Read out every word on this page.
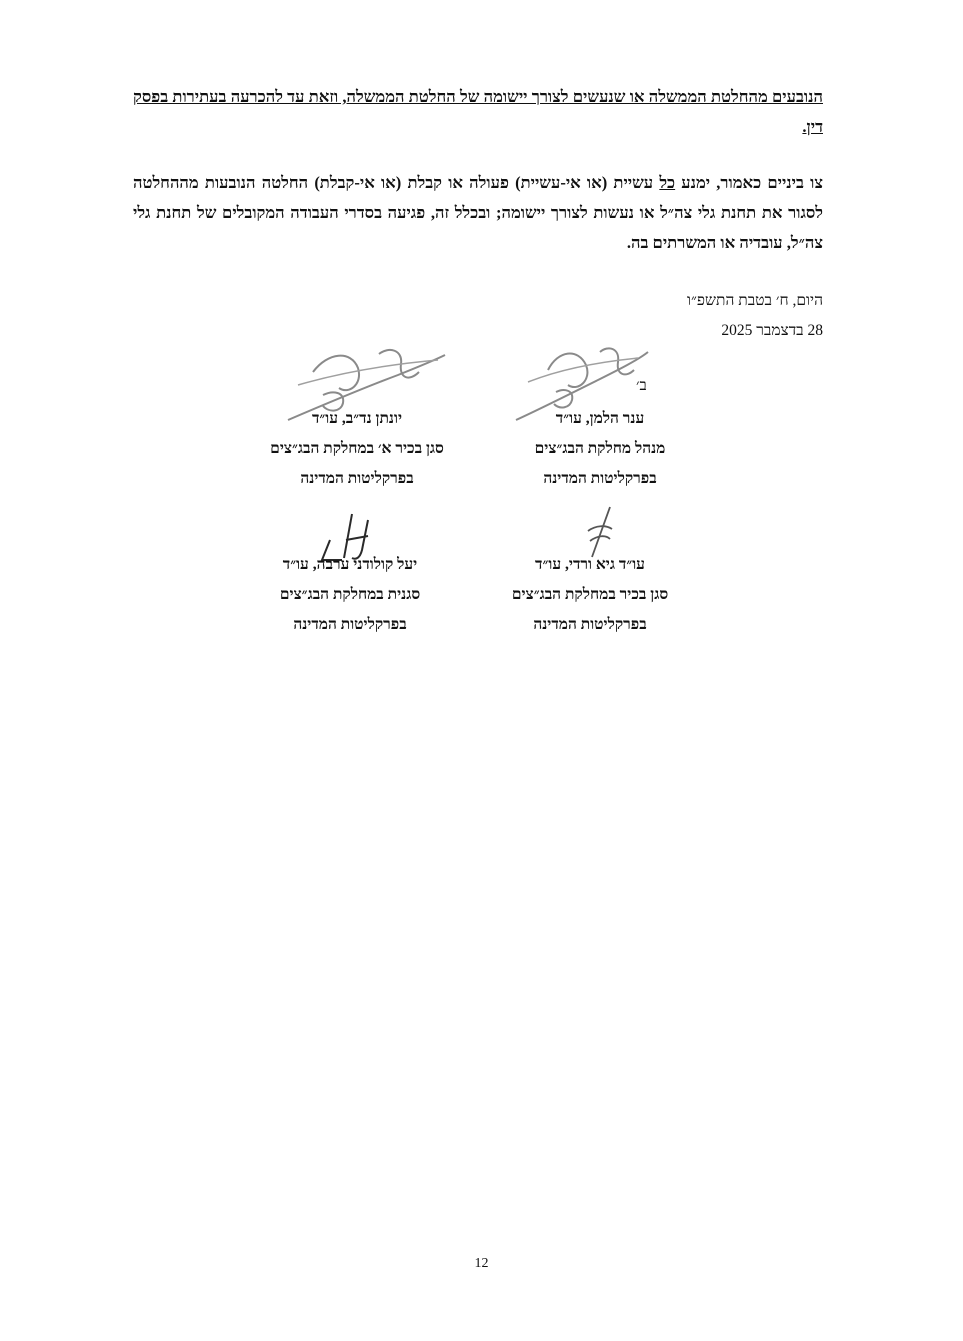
הנובעים מהחלטת הממשלה או שנעשים לצורך יישומה של החלטת הממשלה, וזאת עד להכרעה בעתירות בפסק דין.
צו ביניים כאמור, ימנע כל עשיית (או אי-עשיית) פעולה או קבלת (או אי-קבלת) החלטה הנובעות מההחלטה לסגור את תחנת גלי צה״ל או נעשות לצורך יישומה; ובכלל זה, פגיעה בסדרי העבודה המקובלים של תחנת גלי צה״ל, עובדיה או המשרתים בה.
היום, ח׳ בטבת התשפ״ו
28 בדצמבר 2025
ב׳
ענר הלמן, עו״ד
מנהל מחלקת הבג״צים
בפרקליטות המדינה
יונתן נד״ב, עו״ד
סגן בכיר א׳ במחלקת הבג״צים
בפרקליטות המדינה
עו״ד גיא ורדי, עו״ד
סגן בכיר במחלקת הבג״צים
בפרקליטות המדינה
יעל קולודני ערבה, עו״ד
סגנית במחלקת הבג״צים
בפרקליטות המדינה
12
